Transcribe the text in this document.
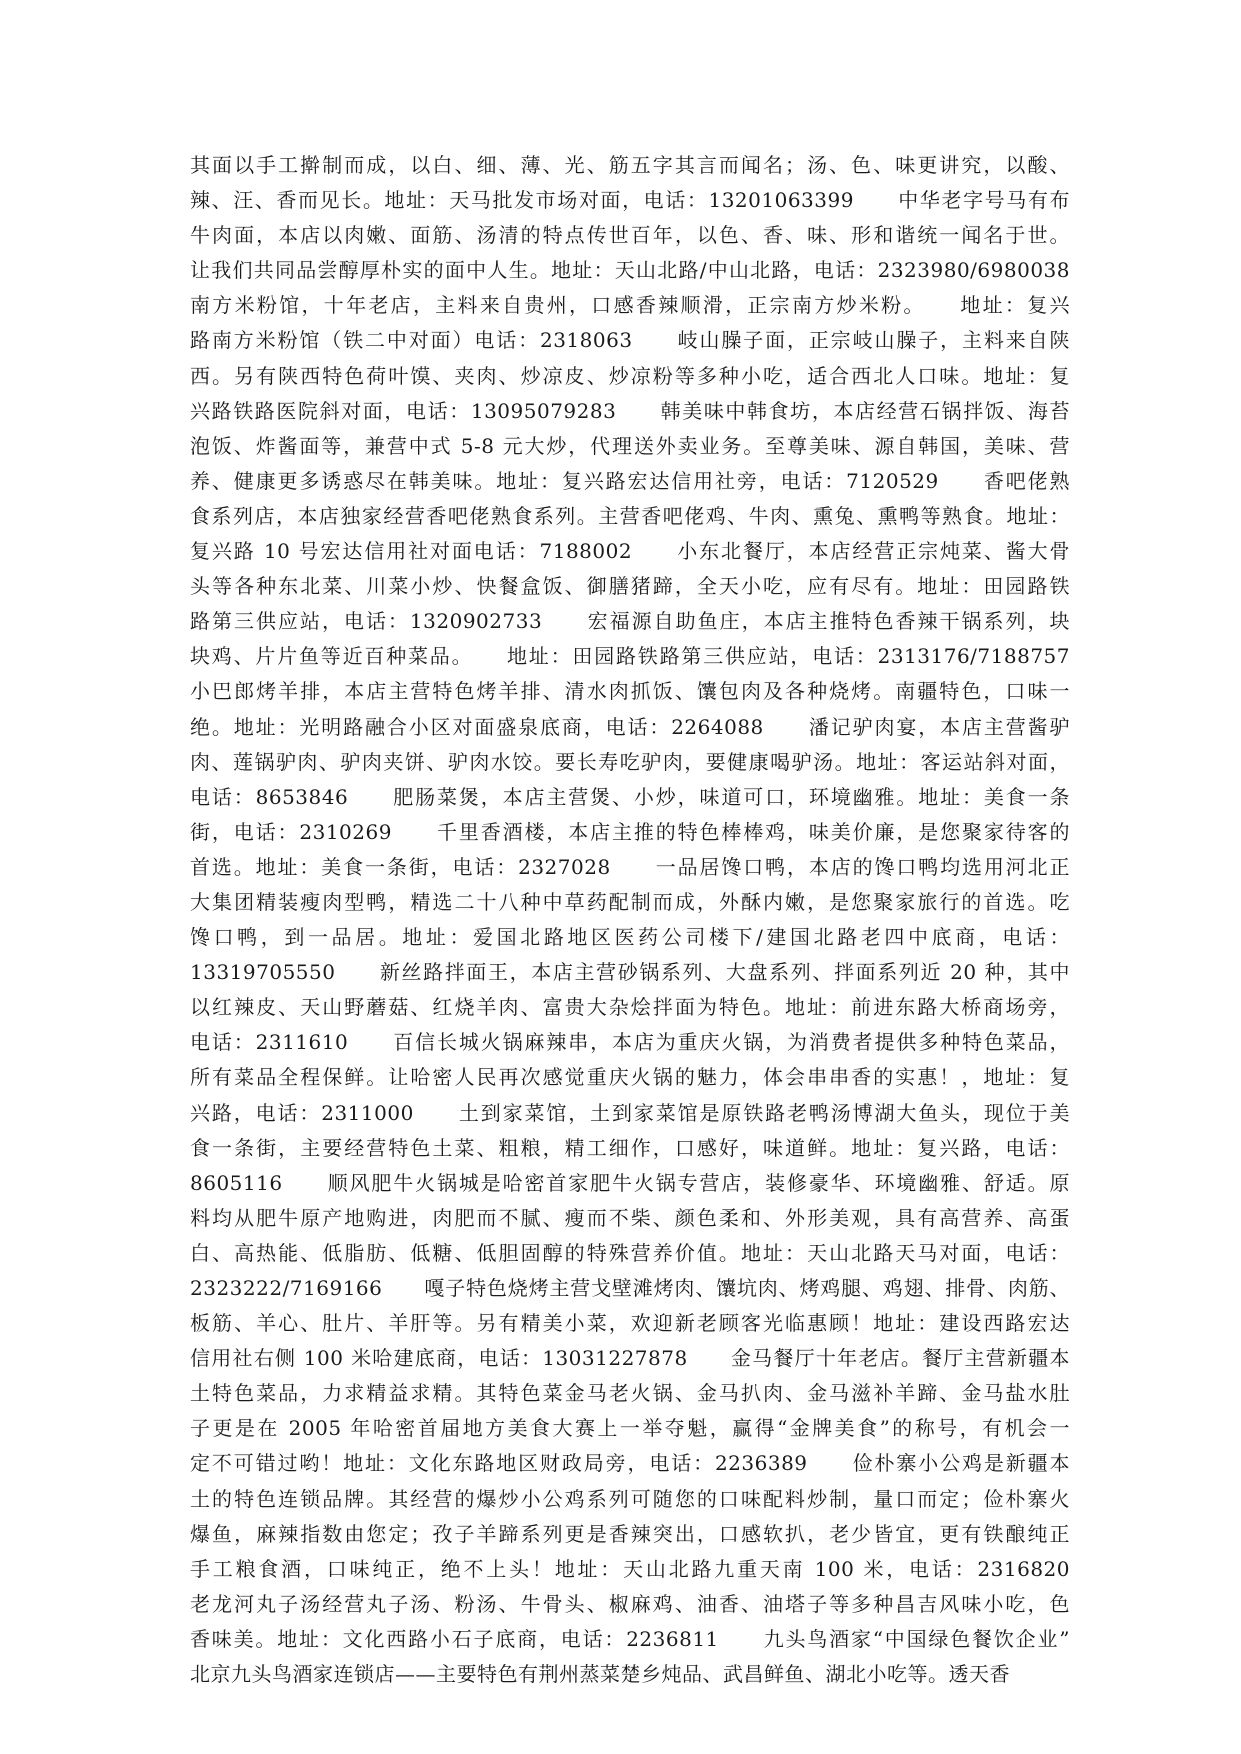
其面以手工擀制而成，以白、细、薄、光、筋五字其言而闻名；汤、色、味更讲究，以酸、
辣、汪、香而见长。地址：天马批发市场对面，电话：13201063399　　中华老字号马有布
牛肉面，本店以肉嫩、面筋、汤清的特点传世百年，以色、香、味、形和谐统一闻名于世。
让我们共同品尝醇厚朴实的面中人生。地址：天山北路/中山北路，电话：2323980/6980038
南方米粉馆，十年老店，主料来自贵州，口感香辣顺滑，正宗南方炒米粉。　　地址：复兴
路南方米粉馆（铁二中对面）电话：2318063　　岐山臊子面，正宗岐山臊子，主料来自陕
西。另有陕西特色荷叶馍、夹肉、炒凉皮、炒凉粉等多种小吃，适合西北人口味。地址：复
兴路铁路医院斜对面，电话：13095079283　　韩美味中韩食坊，本店经营石锅拌饭、海苔
泡饭、炸酱面等，兼营中式 5-8 元大炒，代理送外卖业务。至尊美味、源自韩国，美味、营
养、健康更多诱惑尽在韩美味。地址：复兴路宏达信用社旁，电话：7120529　　香吧佬熟
食系列店，本店独家经营香吧佬熟食系列。主营香吧佬鸡、牛肉、熏兔、熏鸭等熟食。地址：
复兴路 10 号宏达信用社对面电话：7188002　　小东北餐厅，本店经营正宗炖菜、酱大骨
头等各种东北菜、川菜小炒、快餐盒饭、御膳猪蹄，全天小吃，应有尽有。地址：田园路铁
路第三供应站，电话：1320902733　　宏福源自助鱼庄，本店主推特色香辣干锅系列，块
块鸡、片片鱼等近百种菜品。　　地址：田园路铁路第三供应站，电话：2313176/7188757
小巴郎烤羊排，本店主营特色烤羊排、清水肉抓饭、馕包肉及各种烧烤。南疆特色，口味一
绝。地址：光明路融合小区对面盛泉底商，电话：2264088　　潘记驴肉宴，本店主营酱驴
肉、莲锅驴肉、驴肉夹饼、驴肉水饺。要长寿吃驴肉，要健康喝驴汤。地址：客运站斜对面，
电话：8653846　　肥肠菜煲，本店主营煲、小炒，味道可口，环境幽雅。地址：美食一条
街，电话：2310269　　千里香酒楼，本店主推的特色棒棒鸡，味美价廉，是您聚家待客的
首选。地址：美食一条街，电话：2327028　　一品居馋口鸭，本店的馋口鸭均选用河北正
大集团精装瘦肉型鸭，精选二十八种中草药配制而成，外酥内嫩，是您聚家旅行的首选。吃
馋口鸭，到一品居。地址：爱国北路地区医药公司楼下/建国北路老四中底商，电话：
13319705550　　新丝路拌面王，本店主营砂锅系列、大盘系列、拌面系列近 20 种，其中
以红辣皮、天山野蘑菇、红烧羊肉、富贵大杂烩拌面为特色。地址：前进东路大桥商场旁，
电话：2311610　　百信长城火锅麻辣串，本店为重庆火锅，为消费者提供多种特色菜品，
所有菜品全程保鲜。让哈密人民再次感觉重庆火锅的魅力，体会串串香的实惠！，地址：复
兴路，电话：2311000　　土到家菜馆，土到家菜馆是原铁路老鸭汤博湖大鱼头，现位于美
食一条街，主要经营特色土菜、粗粮，精工细作，口感好，味道鲜。地址：复兴路，电话：
8605116　　顺风肥牛火锅城是哈密首家肥牛火锅专营店，装修豪华、环境幽雅、舒适。原
料均从肥牛原产地购进，肉肥而不腻、瘦而不柴、颜色柔和、外形美观，具有高营养、高蛋
白、高热能、低脂肪、低糖、低胆固醇的特殊营养价值。地址：天山北路天马对面，电话：
2323222/7169166　　嘎子特色烧烤主营戈壁滩烤肉、馕坑肉、烤鸡腿、鸡翅、排骨、肉筋、
板筋、羊心、肚片、羊肝等。另有精美小菜，欢迎新老顾客光临惠顾！地址：建设西路宏达
信用社右侧 100 米哈建底商，电话：13031227878　　金马餐厅十年老店。餐厅主营新疆本
土特色菜品，力求精益求精。其特色菜金马老火锅、金马扒肉、金马滋补羊蹄、金马盐水肚
子更是在 2005 年哈密首届地方美食大赛上一举夺魁，赢得“金牌美食”的称号，有机会一
定不可错过哟！地址：文化东路地区财政局旁，电话：2236389　　俭朴寨小公鸡是新疆本
土的特色连锁品牌。其经营的爆炒小公鸡系列可随您的口味配料炒制，量口而定；俭朴寨火
爆鱼，麻辣指数由您定；孜子羊蹄系列更是香辣突出，口感软扒，老少皆宜，更有铁酿纯正
手工粮食酒，口味纯正，绝不上头！地址：天山北路九重天南 100 米，电话：2316820
老龙河丸子汤经营丸子汤、粉汤、牛骨头、椒麻鸡、油香、油塔子等多种昌吉风味小吃，色
香味美。地址：文化西路小石子底商，电话：2236811　　九头鸟酒家“中国绿色餐饮企业”
北京九头鸟酒家连锁店——主要特色有荆州蒸菜楚乡炖品、武昌鲜鱼、湖北小吃等。透天香
